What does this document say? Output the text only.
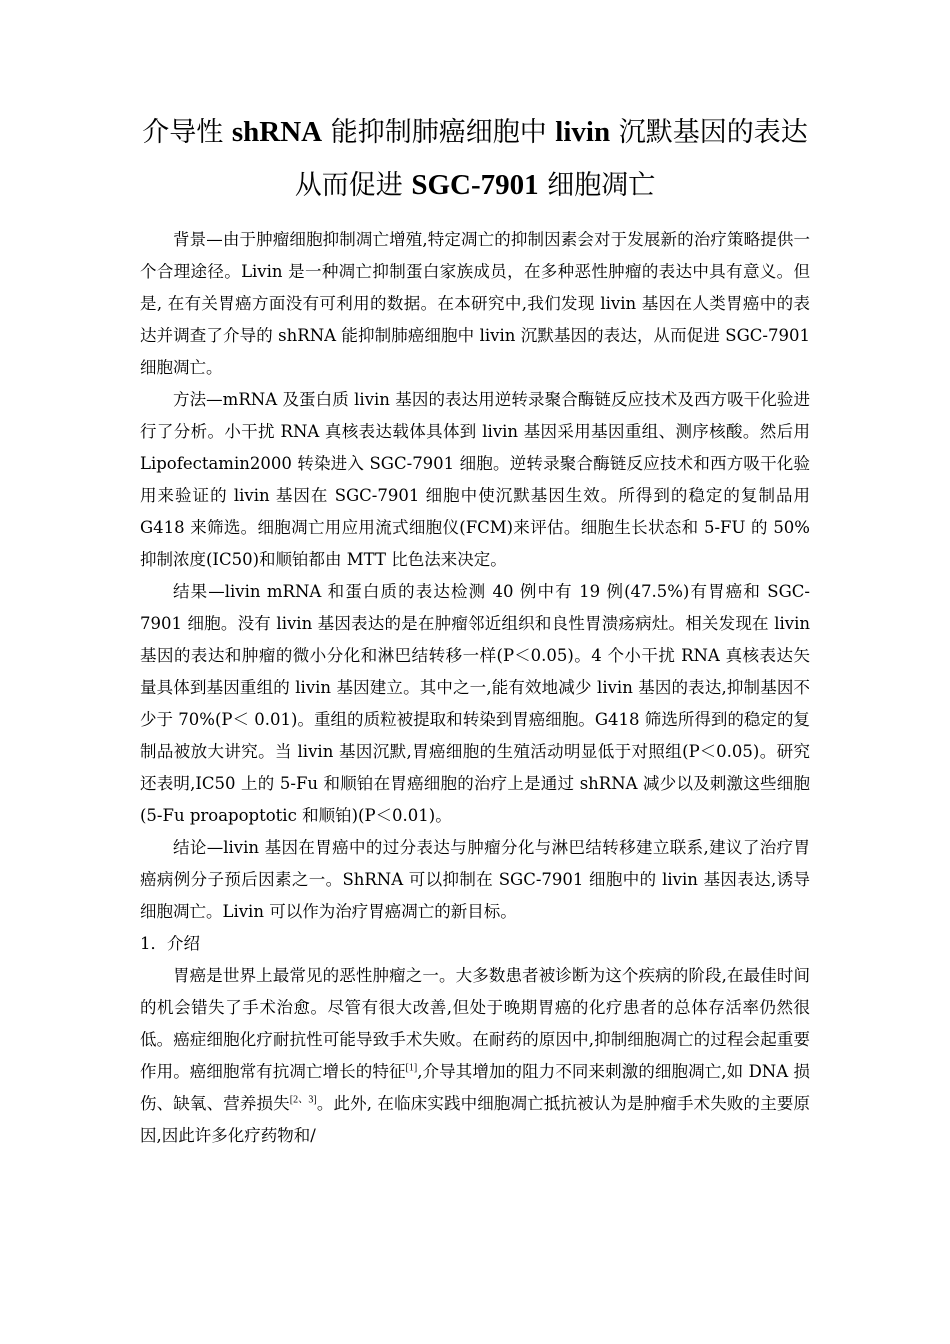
介导性 shRNA 能抑制肺癌细胞中 livin 沉默基因的表达从而促进 SGC-7901 细胞凋亡

背景—由于肿瘤细胞抑制凋亡增殖,特定凋亡的抑制因素会对于发展新的治疗策略提供一个合理途径。Livin 是一种凋亡抑制蛋白家族成员，在多种恶性肿瘤的表达中具有意义。但是, 在有关胃癌方面没有可利用的数据。在本研究中,我们发现 livin 基因在人类胃癌中的表达并调查了介导的 shRNA 能抑制肺癌细胞中 livin 沉默基因的表达，从而促进 SGC-7901 细胞凋亡。

方法—mRNA 及蛋白质 livin 基因的表达用逆转录聚合酶链反应技术及西方吸干化验进行了分析。小干扰 RNA 真核表达载体具体到 livin 基因采用基因重组、测序核酸。然后用 Lipofectamin2000 转染进入 SGC-7901 细胞。逆转录聚合酶链反应技术和西方吸干化验用来验证的 livin 基因在 SGC-7901 细胞中使沉默基因生效。所得到的稳定的复制品用 G418 来筛选。细胞凋亡用应用流式细胞仪(FCM)来评估。细胞生长状态和 5-FU 的 50%抑制浓度(IC50)和顺铂都由 MTT 比色法来决定。

结果—livin mRNA 和蛋白质的表达检测 40 例中有 19 例(47.5%)有胃癌和 SGC-7901 细胞。没有 livin 基因表达的是在肿瘤邻近组织和良性胃溃疡病灶。相关发现在 livin 基因的表达和肿瘤的微小分化和淋巴结转移一样(P＜0.05)。4 个小干扰 RNA 真核表达矢量具体到基因重组的 livin 基因建立。其中之一,能有效地减少 livin 基因的表达,抑制基因不少于 70%(P＜ 0.01)。重组的质粒被提取和转染到胃癌细胞。G418 筛选所得到的稳定的复制品被放大讲究。当 livin 基因沉默,胃癌细胞的生殖活动明显低于对照组(P＜0.05)。研究还表明,IC50 上的 5-Fu 和顺铂在胃癌细胞的治疗上是通过 shRNA 减少以及刺激这些细胞(5-Fu proapoptotic 和顺铂)(P＜0.01)。

结论—livin 基因在胃癌中的过分表达与肿瘤分化与淋巴结转移建立联系,建议了治疗胃癌病例分子预后因素之一。ShRNA 可以抑制在 SGC-7901 细胞中的 livin 基因表达,诱导细胞凋亡。Livin 可以作为治疗胃癌凋亡的新目标。

1．介绍

胃癌是世界上最常见的恶性肿瘤之一。大多数患者被诊断为这个疾病的阶段,在最佳时间的机会错失了手术治愈。尽管有很大改善,但处于晚期胃癌的化疗患者的总体存活率仍然很低。癌症细胞化疗耐抗性可能导致手术失败。在耐药的原因中,抑制细胞凋亡的过程会起重要作用。癌细胞常有抗凋亡增长的特征[1],介导其增加的阻力不同来刺激的细胞凋亡,如 DNA 损伤、缺氧、营养损失[2、3]。此外, 在临床实践中细胞凋亡抵抗被认为是肿瘤手术失败的主要原因,因此许多化疗药物和/
